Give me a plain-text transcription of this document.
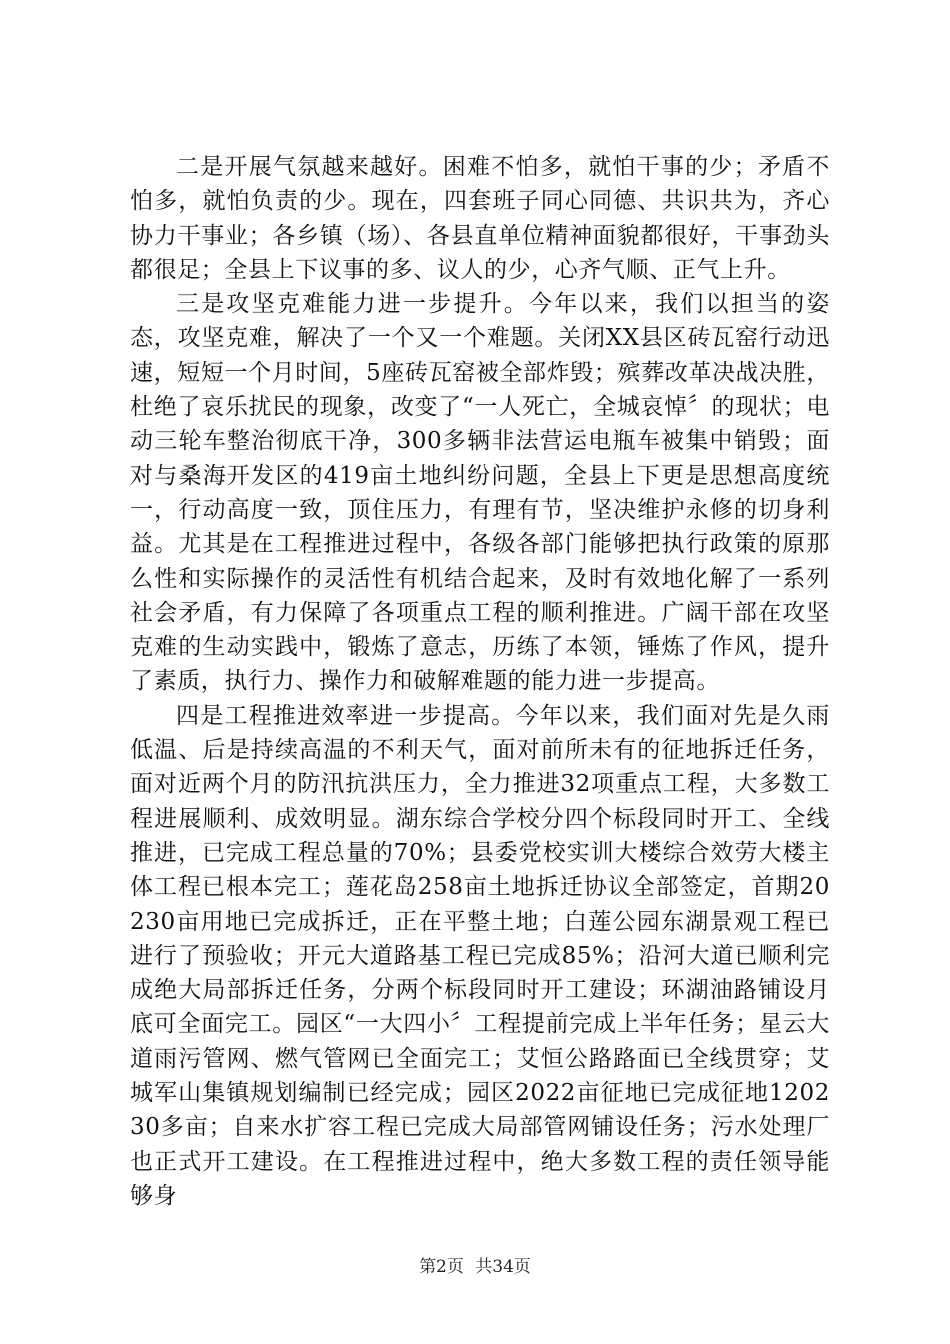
二是开展气氛越来越好。困难不怕多，就怕干事的少；矛盾不怕多，就怕负责的少。现在，四套班子同心同德、共识共为，齐心协力干事业；各乡镇（场）、各县直单位精神面貌都很好，干事劲头都很足；全县上下议事的多、议人的少，心齐气顺、正气上升。

三是攻坚克难能力进一步提升。今年以来，我们以担当的姿态，攻坚克难，解决了一个又一个难题。关闭XX县区砖瓦窑行动迅速，短短一个月时间，5座砖瓦窑被全部炸毁；殡葬改革决战决胜，杜绝了哀乐扰民的现象，改变了“一人死亡，全城哀悼〞的现状；电动三轮车整治彻底干净，300多辆非法营运电瓶车被集中销毁；面对与桑海开发区的419亩土地纠纷问题，全县上下更是思想高度统一，行动高度一致，顶住压力，有理有节，坚决维护永修的切身利益。尤其是在工程推进过程中，各级各部门能够把执行政策的原那么性和实际操作的灵活性有机结合起来，及时有效地化解了一系列社会矛盾，有力保障了各项重点工程的顺利推进。广阔干部在攻坚克难的生动实践中，锻炼了意志，历练了本领，锤炼了作风，提升了素质，执行力、操作力和破解难题的能力进一步提高。

四是工程推进效率进一步提高。今年以来，我们面对先是久雨低温、后是持续高温的不利天气，面对前所未有的征地拆迁任务，面对近两个月的防汛抗洪压力，全力推进32项重点工程，大多数工程进展顺利、成效明显。湖东综合学校分四个标段同时开工、全线推进，已完成工程总量的70%；县委党校实训大楼综合效劳大楼主体工程已根本完工；莲花岛258亩土地拆迁协议全部签定，首期20230亩用地已完成拆迁，正在平整土地；白莲公园东湖景观工程已进行了预验收；开元大道路基工程已完成85%；沿河大道已顺利完成绝大局部拆迁任务，分两个标段同时开工建设；环湖油路铺设月底可全面完工。园区“一大四小〞工程提前完成上半年任务；星云大道雨污管网、燃气管网已全面完工；艾恒公路路面已全线贯穿；艾城军山集镇规划编制已经完成；园区2022亩征地已完成征地120230多亩；自来水扩容工程已完成大局部管网铺设任务；污水处理厂也正式开工建设。在工程推进过程中，绝大多数工程的责任领导能够身

第2页 共34页
